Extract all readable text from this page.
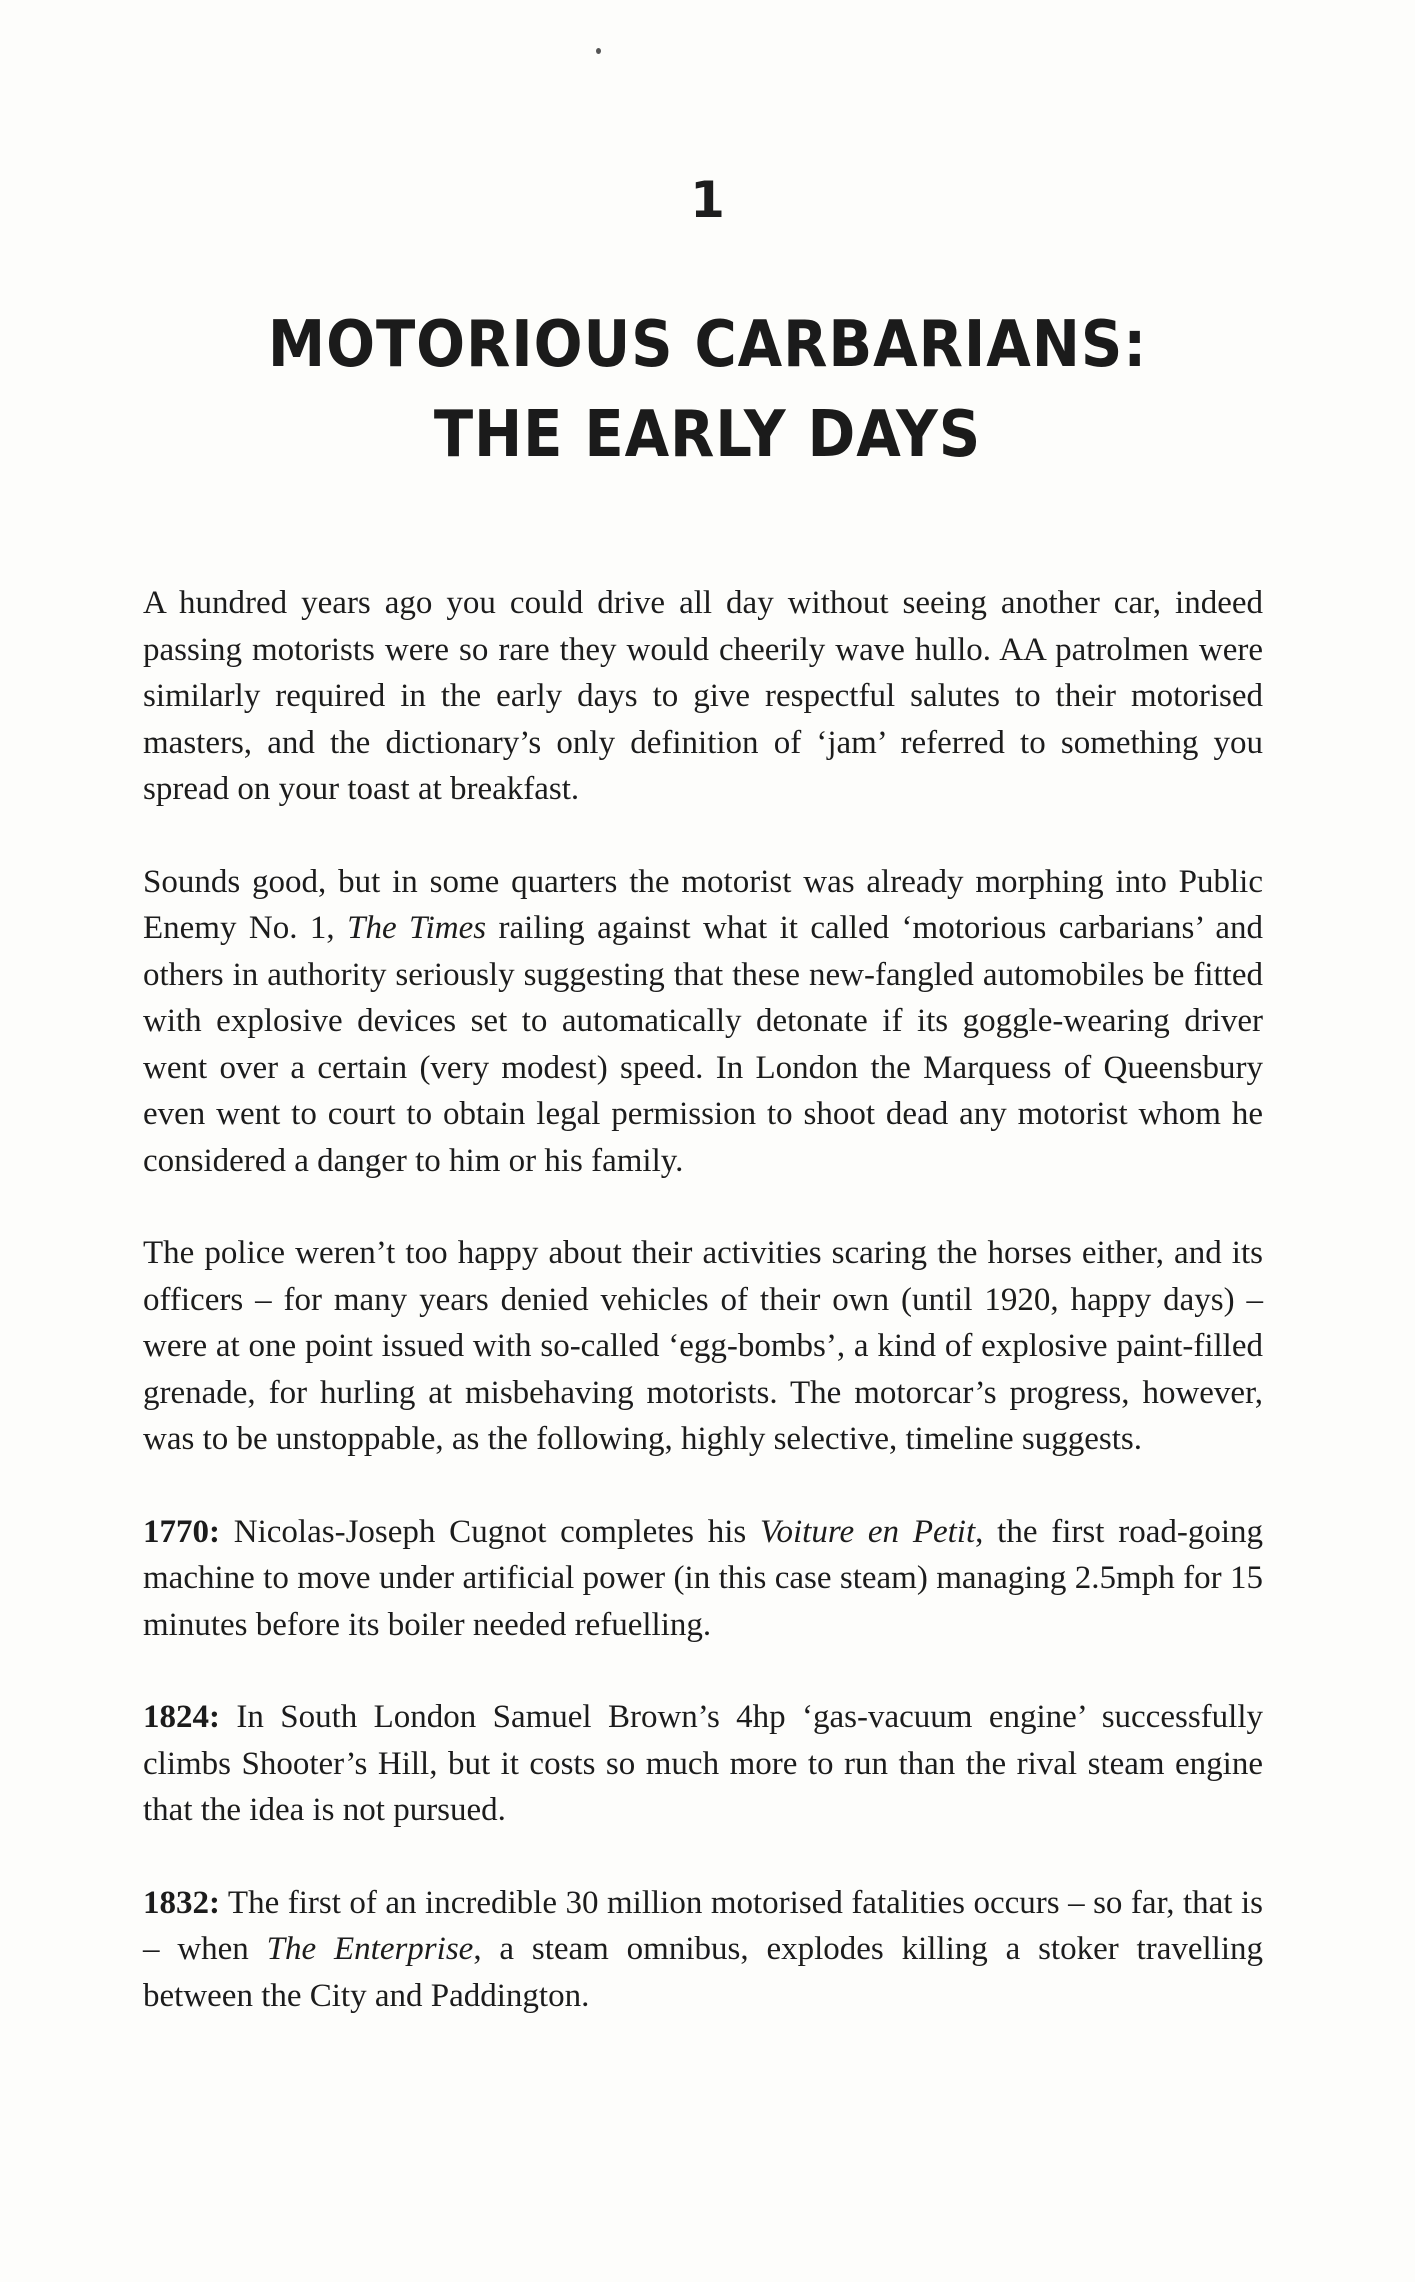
1
MOTORIOUS CARBARIANS:
THE EARLY DAYS

A hundred years ago you could drive all day without seeing another car, indeed passing motorists were so rare they would cheerily wave hullo. AA patrolmen were similarly required in the early days to give respectful salutes to their motorised masters, and the dictionary’s only definition of ‘jam’ referred to something you spread on your toast at breakfast.

Sounds good, but in some quarters the motorist was already morphing into Public Enemy No. 1, The Times railing against what it called ‘motorious carbarians’ and others in authority seriously suggesting that these new-fangled automobiles be fitted with explosive devices set to automatically detonate if its goggle-wearing driver went over a certain (very modest) speed. In London the Marquess of Queensbury even went to court to obtain legal permission to shoot dead any motorist whom he considered a danger to him or his family.

The police weren’t too happy about their activities scaring the horses either, and its officers – for many years denied vehicles of their own (until 1920, happy days) – were at one point issued with so-called ‘egg-bombs’, a kind of explosive paint-filled grenade, for hurling at misbehaving motorists. The motorcar’s progress, however, was to be unstoppable, as the following, highly selective, timeline suggests.

1770: Nicolas-Joseph Cugnot completes his Voiture en Petit, the first road-going machine to move under artificial power (in this case steam) managing 2.5mph for 15 minutes before its boiler needed refuelling.

1824: In South London Samuel Brown’s 4hp ‘gas-vacuum engine’ successfully climbs Shooter’s Hill, but it costs so much more to run than the rival steam engine that the idea is not pursued.

1832: The first of an incredible 30 million motorised fatalities occurs – so far, that is – when The Enterprise, a steam omnibus, explodes killing a stoker travelling between the City and Paddington.
